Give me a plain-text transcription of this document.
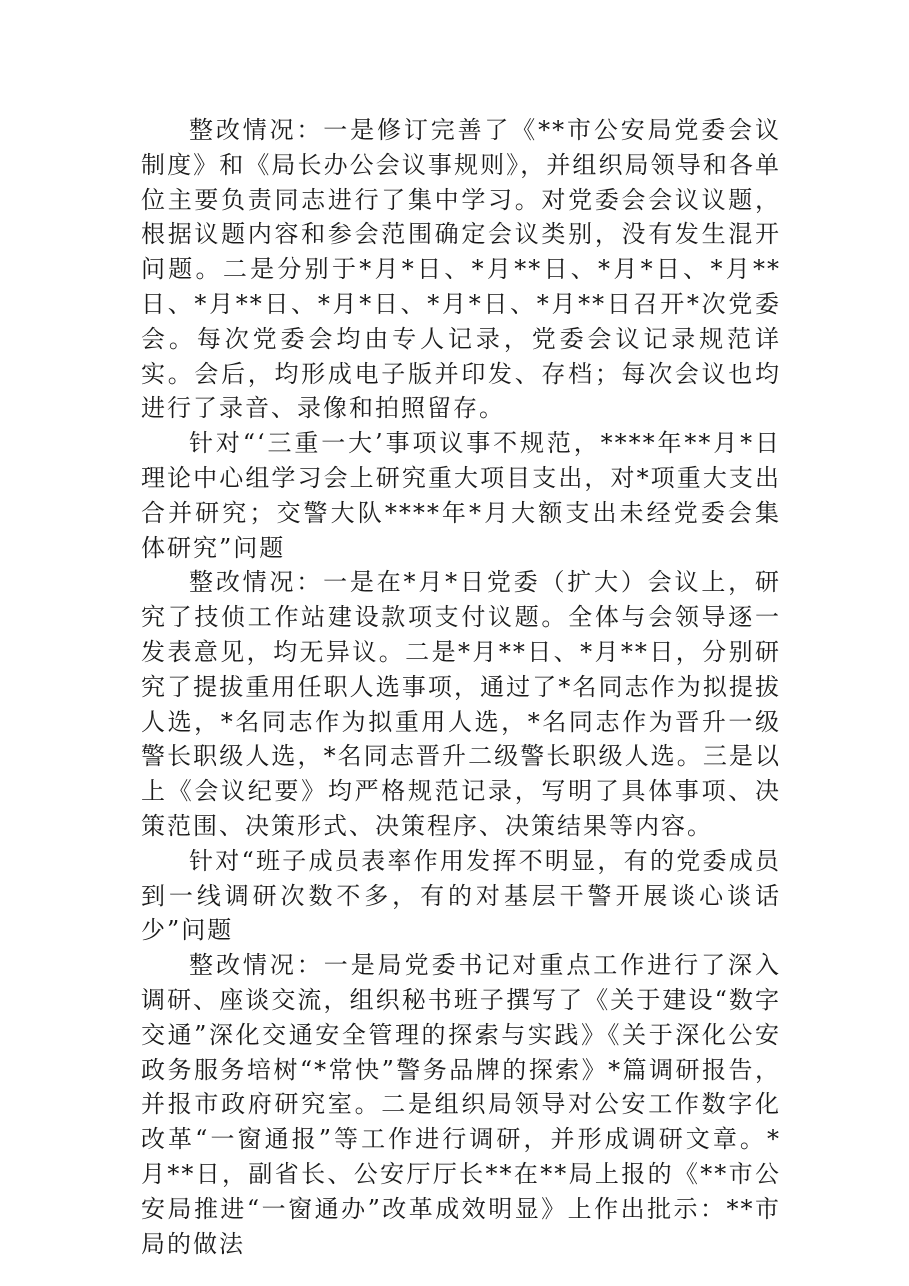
整改情况：一是修订完善了《**市公安局党委会议制度》和《局长办公会议事规则》，并组织局领导和各单位主要负责同志进行了集中学习。对党委会会议议题，根据议题内容和参会范围确定会议类别，没有发生混开问题。二是分别于*月*日、*月**日、*月*日、*月**日、*月**日、*月*日、*月*日、*月**日召开*次党委会。每次党委会均由专人记录，党委会议记录规范详实。会后，均形成电子版并印发、存档；每次会议也均进行了录音、录像和拍照留存。

针对“‘三重一大’事项议事不规范，****年**月*日理论中心组学习会上研究重大项目支出，对*项重大支出合并研究；交警大队****年*月大额支出未经党委会集体研究”问题

整改情况：一是在*月*日党委（扩大）会议上，研究了技侦工作站建设款项支付议题。全体与会领导逐一发表意见，均无异议。二是*月**日、*月**日，分别研究了提拔重用任职人选事项，通过了*名同志作为拟提拔人选，*名同志作为拟重用人选，*名同志作为晋升一级警长职级人选，*名同志晋升二级警长职级人选。三是以上《会议纪要》均严格规范记录，写明了具体事项、决策范围、决策形式、决策程序、决策结果等内容。

针对“班子成员表率作用发挥不明显，有的党委成员到一线调研次数不多，有的对基层干警开展谈心谈话少”问题

整改情况：一是局党委书记对重点工作进行了深入调研、座谈交流，组织秘书班子撰写了《关于建设“数字交通”深化交通安全管理的探索与实践》《关于深化公安政务服务培树“*常快”警务品牌的探索》*篇调研报告，并报市政府研究室。二是组织局领导对公安工作数字化改革“一窗通报”等工作进行调研，并形成调研文章。*月**日，副省长、公安厅厅长**在**局上报的《**市公安局推进“一窗通办”改革成效明显》上作出批示：**市局的做法
